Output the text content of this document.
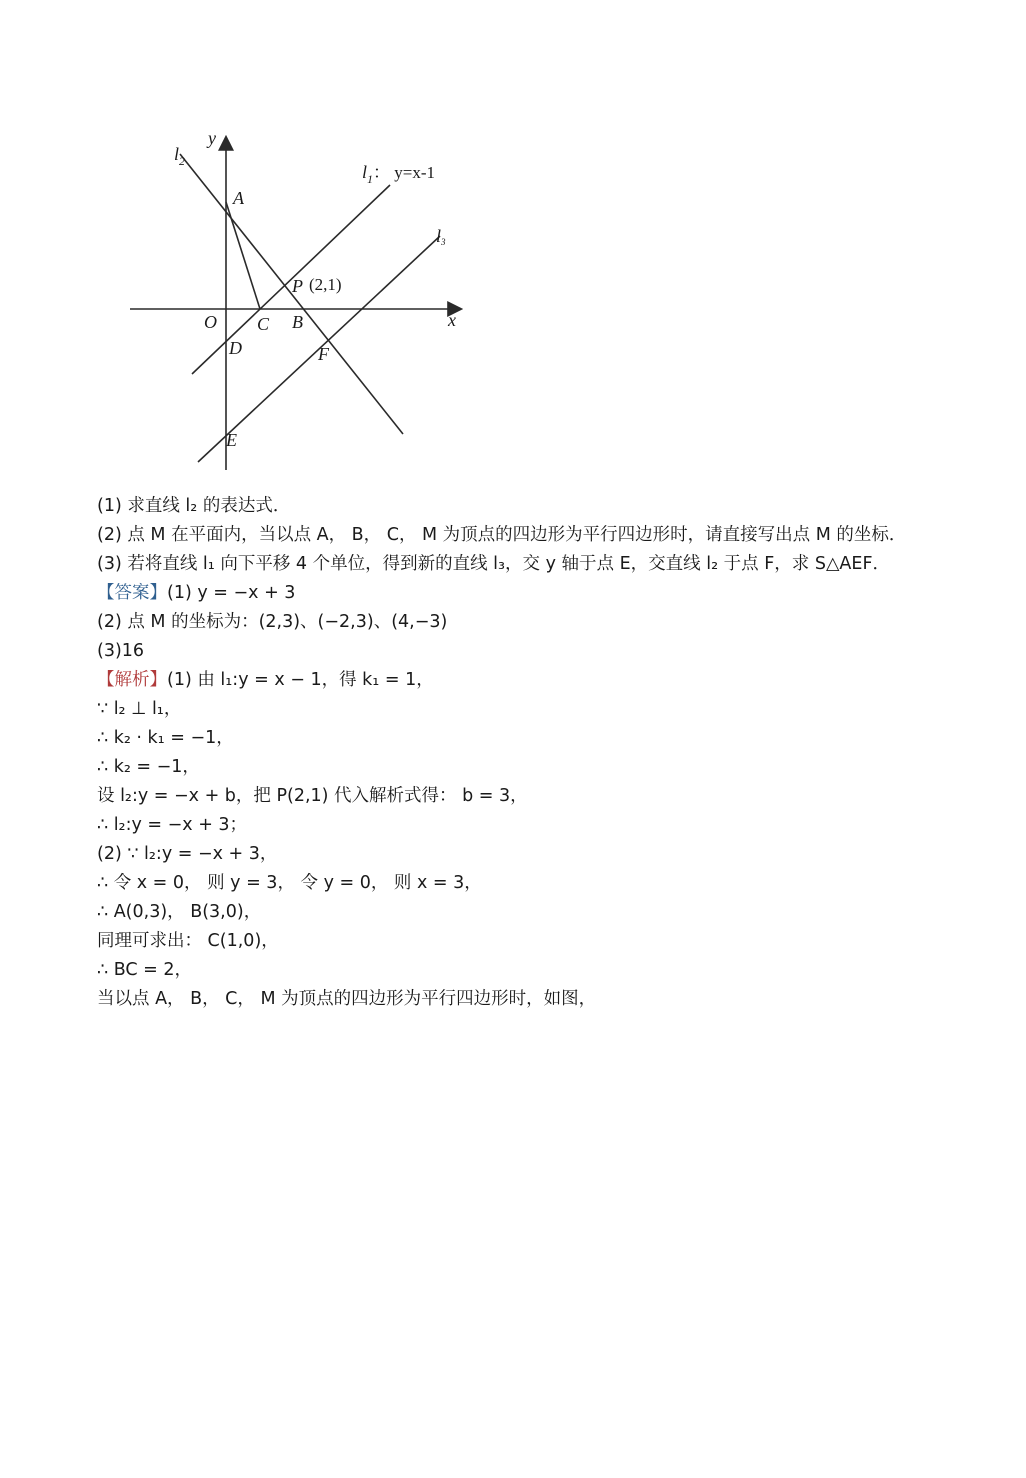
y
x
$l_2$
$l_1$： y=x-1
l3
A
P (2,1)
O C B
D	F
E
(1) 求直线 l₂ 的表达式．
(2) 点 M 在平面内，当以点 A， B， C， M 为顶点的四边形为平行四边形时，请直接写出点 M 的坐标．
(3) 若将直线 l₁ 向下平移 4 个单位，得到新的直线 l₃，交 y 轴于点 E，交直线 l₂ 于点 F，求 S△AEF．
【答案】(1) y = −x + 3
(2) 点 M 的坐标为：(2,3)、(−2,3)、(4,−3)
(3)16
【解析】(1) 由 l₁:y = x − 1，得 k₁ = 1，
∵ l₂ ⊥ l₁，
∴ k₂ · k₁ = −1，
∴ k₂ = −1，
设 l₂:y = −x + b，把 P(2,1) 代入解析式得： b = 3，
∴ l₂:y = −x + 3；
(2) ∵ l₂:y = −x + 3，
∴ 令 x = 0， 则 y = 3， 令 y = 0， 则 x = 3，
∴ A(0,3)， B(3,0)，
同理可求出： C(1,0)，
∴ BC = 2，
当以点 A， B， C， M 为顶点的四边形为平行四边形时，如图，
